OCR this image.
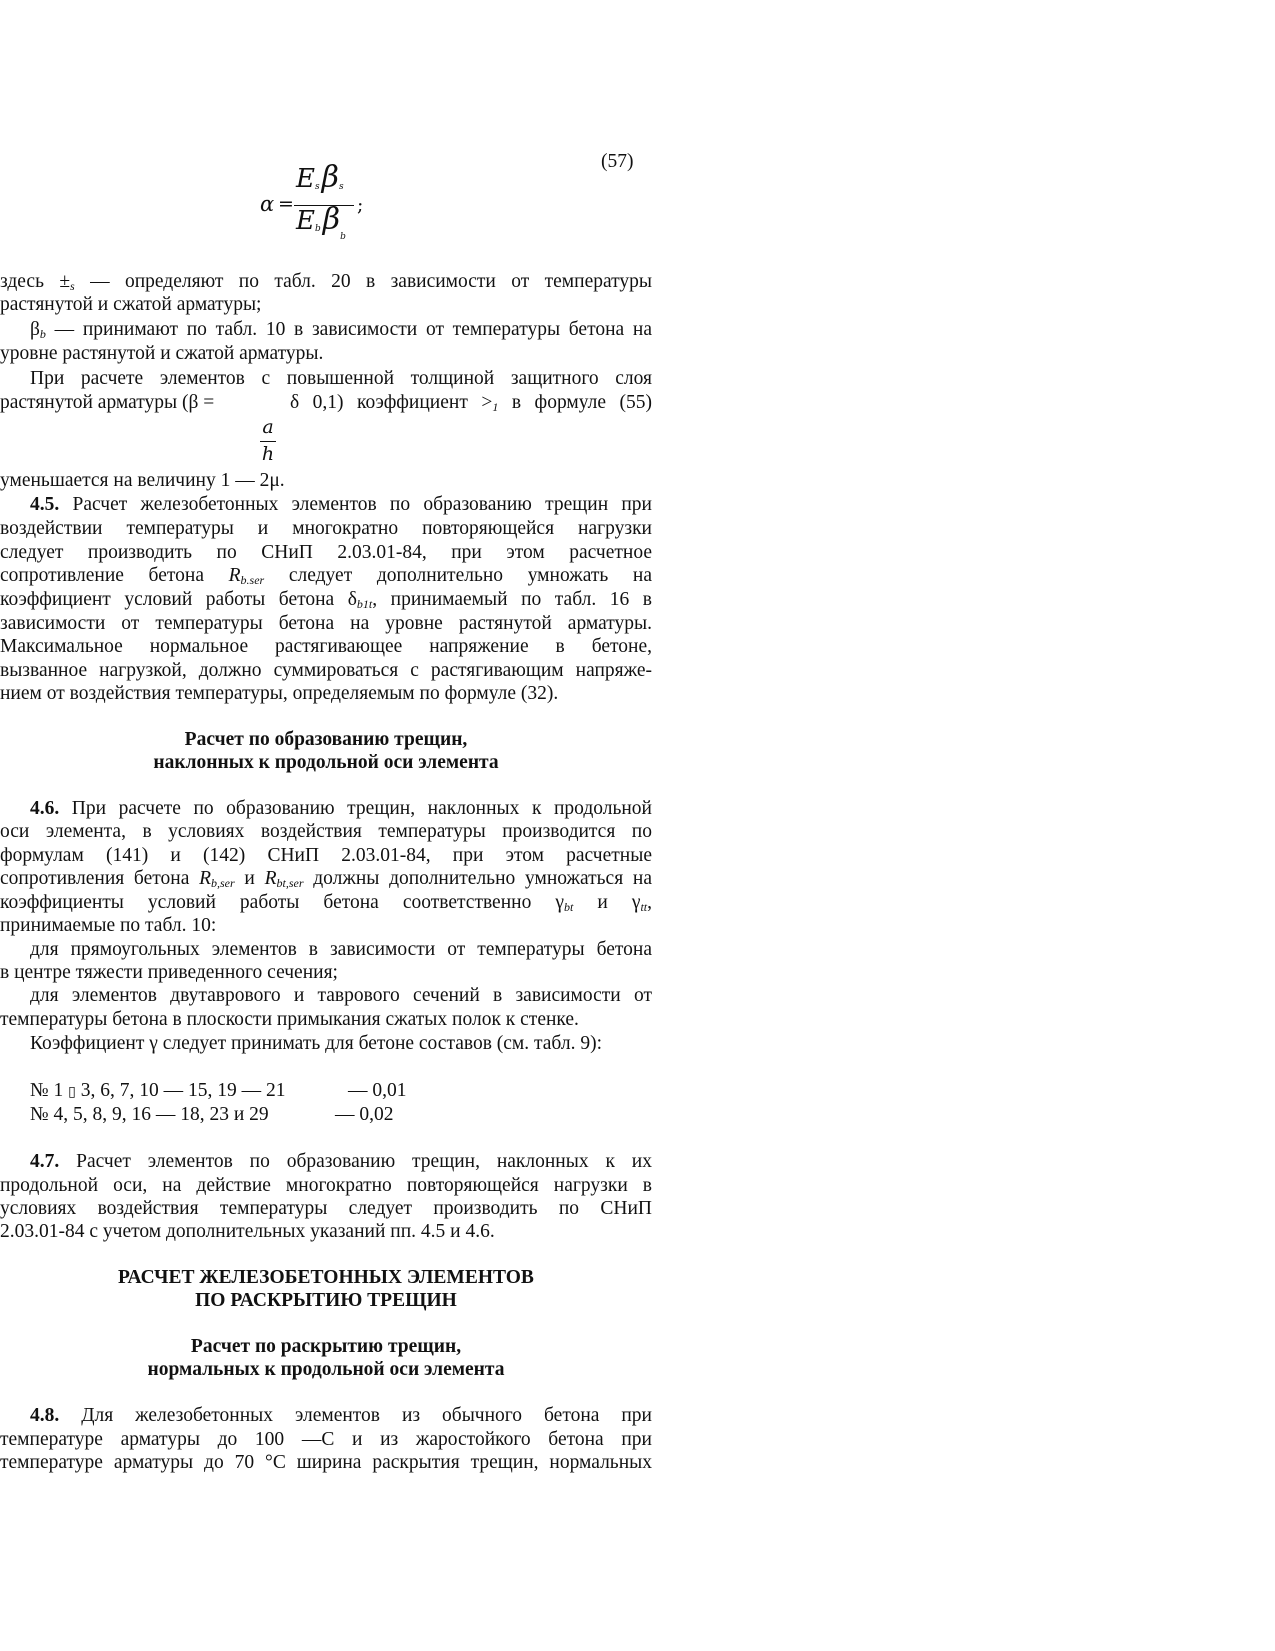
(57)
α =
Esβs
Ebβ$_b$
;
здесь $\pm_s$ — определяют по табл. 20 в зависимости от температуры
растянутой и сжатой арматуры;
$\beta_b$ — принимают по табл. 10 в зависимости от температуры бетона на
уровне растянутой и сжатой арматуры.
При расчете элементов с повышенной толщиной защитного слоя
растянутой арматуры (β =	δ 0,1) коэффициент $>_1$ в формуле (55)
a
h
уменьшается на величину 1 — 2μ.
4.5. Расчет железобетонных элементов по образованию трещин при
воздействии температуры и многократно повторяющейся нагрузки
следует производить по СНиП 2.03.01-84, при этом расчетное
сопротивление бетона $R_{b.ser}$ следует дополнительно умножать на
коэффициент условий работы бетона $\delta_{b1t}$, принимаемый по табл. 16 в
зависимости от температуры бетона на уровне растянутой арматуры.
Максимальное нормальное растягивающее напряжение в бетоне,
вызванное нагрузкой, должно суммироваться с растягивающим напряже-
нием от воздействия температуры, определяемым по формуле (32).
Расчет по образованию трещин,
наклонных к продольной оси элемента
4.6. При расчете по образованию трещин, наклонных к продольной
оси элемента, в условиях воздействия температуры производится по
формулам (141) и (142) СНиП 2.03.01-84, при этом расчетные
сопротивления бетона $R_{b,ser}$ и $R_{bt,ser}$ должны дополнительно умножаться на
коэффициенты условий работы бетона соответственно $\gamma_{bt}$ и $\gamma_{tt}$,
принимаемые по табл. 10:
для прямоугольных элементов в зависимости от температуры бетона
в центре тяжести приведенного сечения;
для элементов двутаврового и таврового сечений в зависимости от
температуры бетона в плоскости примыкания сжатых полок к стенке.
Коэффициент γ следует принимать для бетоне составов (см. табл. 9):
№ 1 ▯ 3, 6, 7, 10 — 15, 19 — 21	— 0,01
№ 4, 5, 8, 9, 16 — 18, 23 и 29	— 0,02
4.7. Расчет элементов по образованию трещин, наклонных к их
продольной оси, на действие многократно повторяющейся нагрузки в
условиях воздействия температуры следует производить по СНиП
2.03.01-84 с учетом дополнительных указаний пп. 4.5 и 4.6.
РАСЧЕТ ЖЕЛЕЗОБЕТОННЫХ ЭЛЕМЕНТОВ
ПО РАСКРЫТИЮ ТРЕЩИН
Расчет по раскрытию трещин,
нормальных к продольной оси элемента
4.8. Для железобетонных элементов из обычного бетона при
температуре арматуры до 100 —С и из жаростойкого бетона при
температуре арматуры до 70 °С ширина раскрытия трещин, нормальных
